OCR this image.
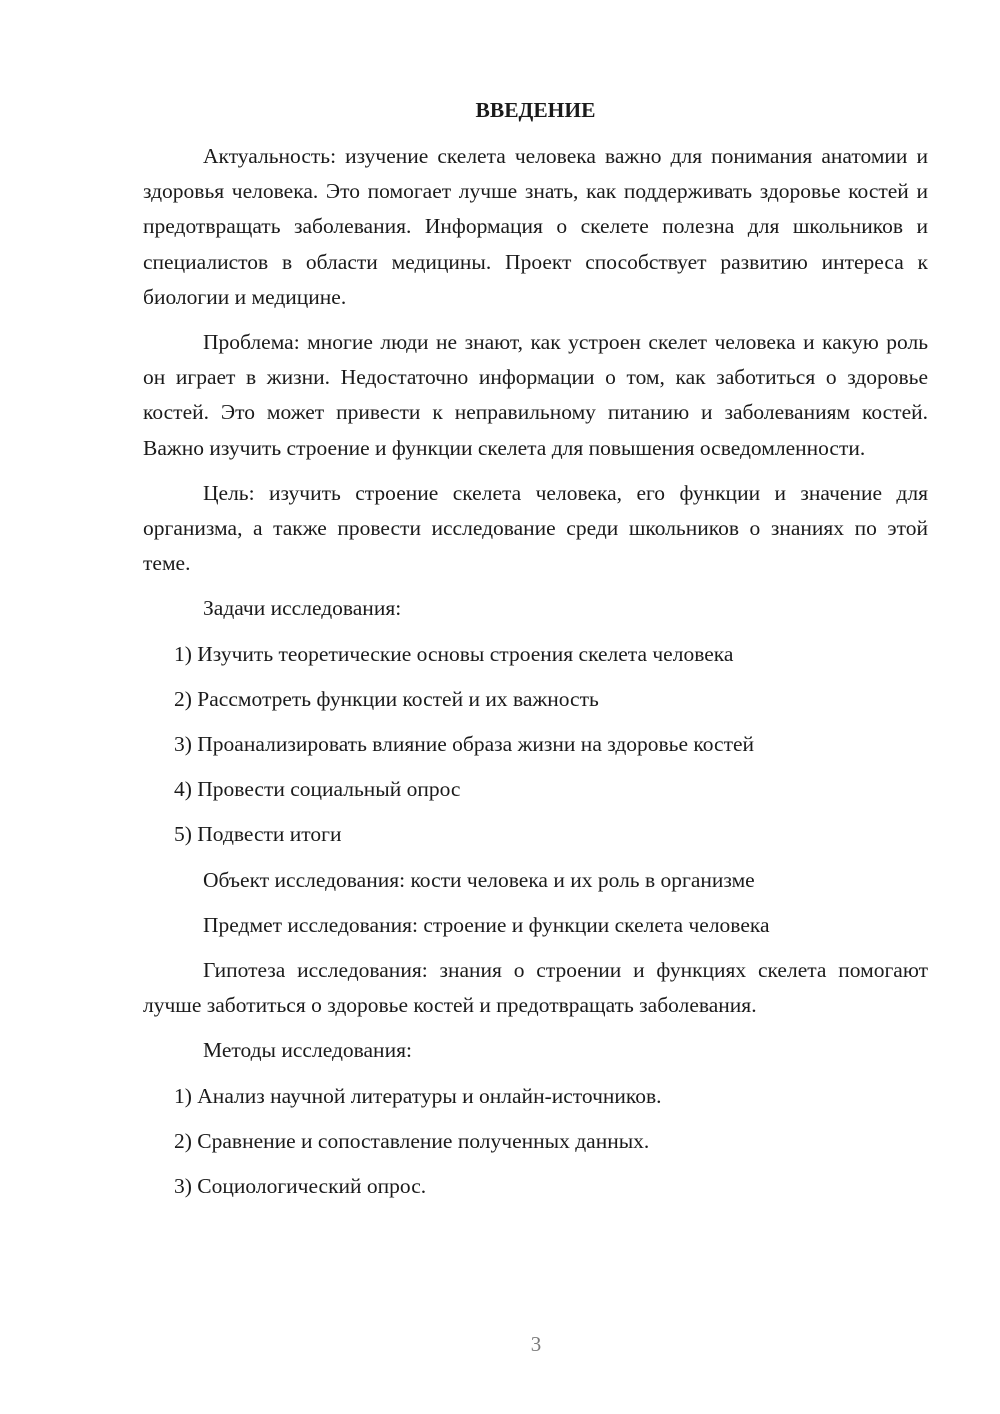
ВВЕДЕНИЕ

Актуальность: изучение скелета человека важно для понимания анатомии и здоровья человека. Это помогает лучше знать, как поддерживать здоровье костей и предотвращать заболевания. Информация о скелете полезна для школьников и специалистов в области медицины. Проект способствует развитию интереса к биологии и медицине.

Проблема: многие люди не знают, как устроен скелет человека и какую роль он играет в жизни. Недостаточно информации о том, как заботиться о здоровье костей. Это может привести к неправильному питанию и заболеваниям костей. Важно изучить строение и функции скелета для повышения осведомленности.

Цель: изучить строение скелета человека, его функции и значение для организма, а также провести исследование среди школьников о знаниях по этой теме.

Задачи исследования:
1) Изучить теоретические основы строения скелета человека
2) Рассмотреть функции костей и их важность
3) Проанализировать влияние образа жизни на здоровье костей
4) Провести социальный опрос
5) Подвести итоги
Объект исследования: кости человека и их роль в организме
Предмет исследования: строение и функции скелета человека

Гипотеза исследования: знания о строении и функциях скелета помогают лучше заботиться о здоровье костей и предотвращать заболевания.

Методы исследования:
1) Анализ научной литературы и онлайн-источников.
2) Сравнение и сопоставление полученных данных.
3) Социологический опрос.
3
